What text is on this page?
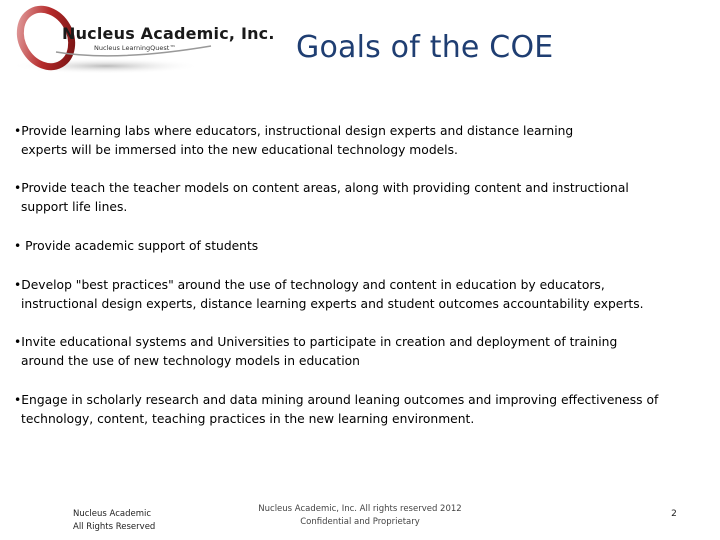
Nucleus Academic, Inc.
Nucleus LearningQuest™	Goals of the COE
•Provide learning labs where educators, instructional design experts and distance learning
experts will be immersed into the new educational technology models.
•Provide teach the teacher models on content areas, along with providing content and instructional
support life lines.
• Provide academic support of students
•Develop "best practices" around the use of technology and content in education by educators,
instructional design experts, distance learning experts and student outcomes accountability experts.
•Invite educational systems and Universities to participate in creation and deployment of training
around the use of new technology models in education
•Engage in scholarly research and data mining around leaning outcomes and improving effectiveness of
technology, content, teaching practices in the new learning environment.
Nucleus Academic
All Rights Reserved
Nucleus Academic, Inc. All rights reserved 2012
Confidential and Proprietary
2
